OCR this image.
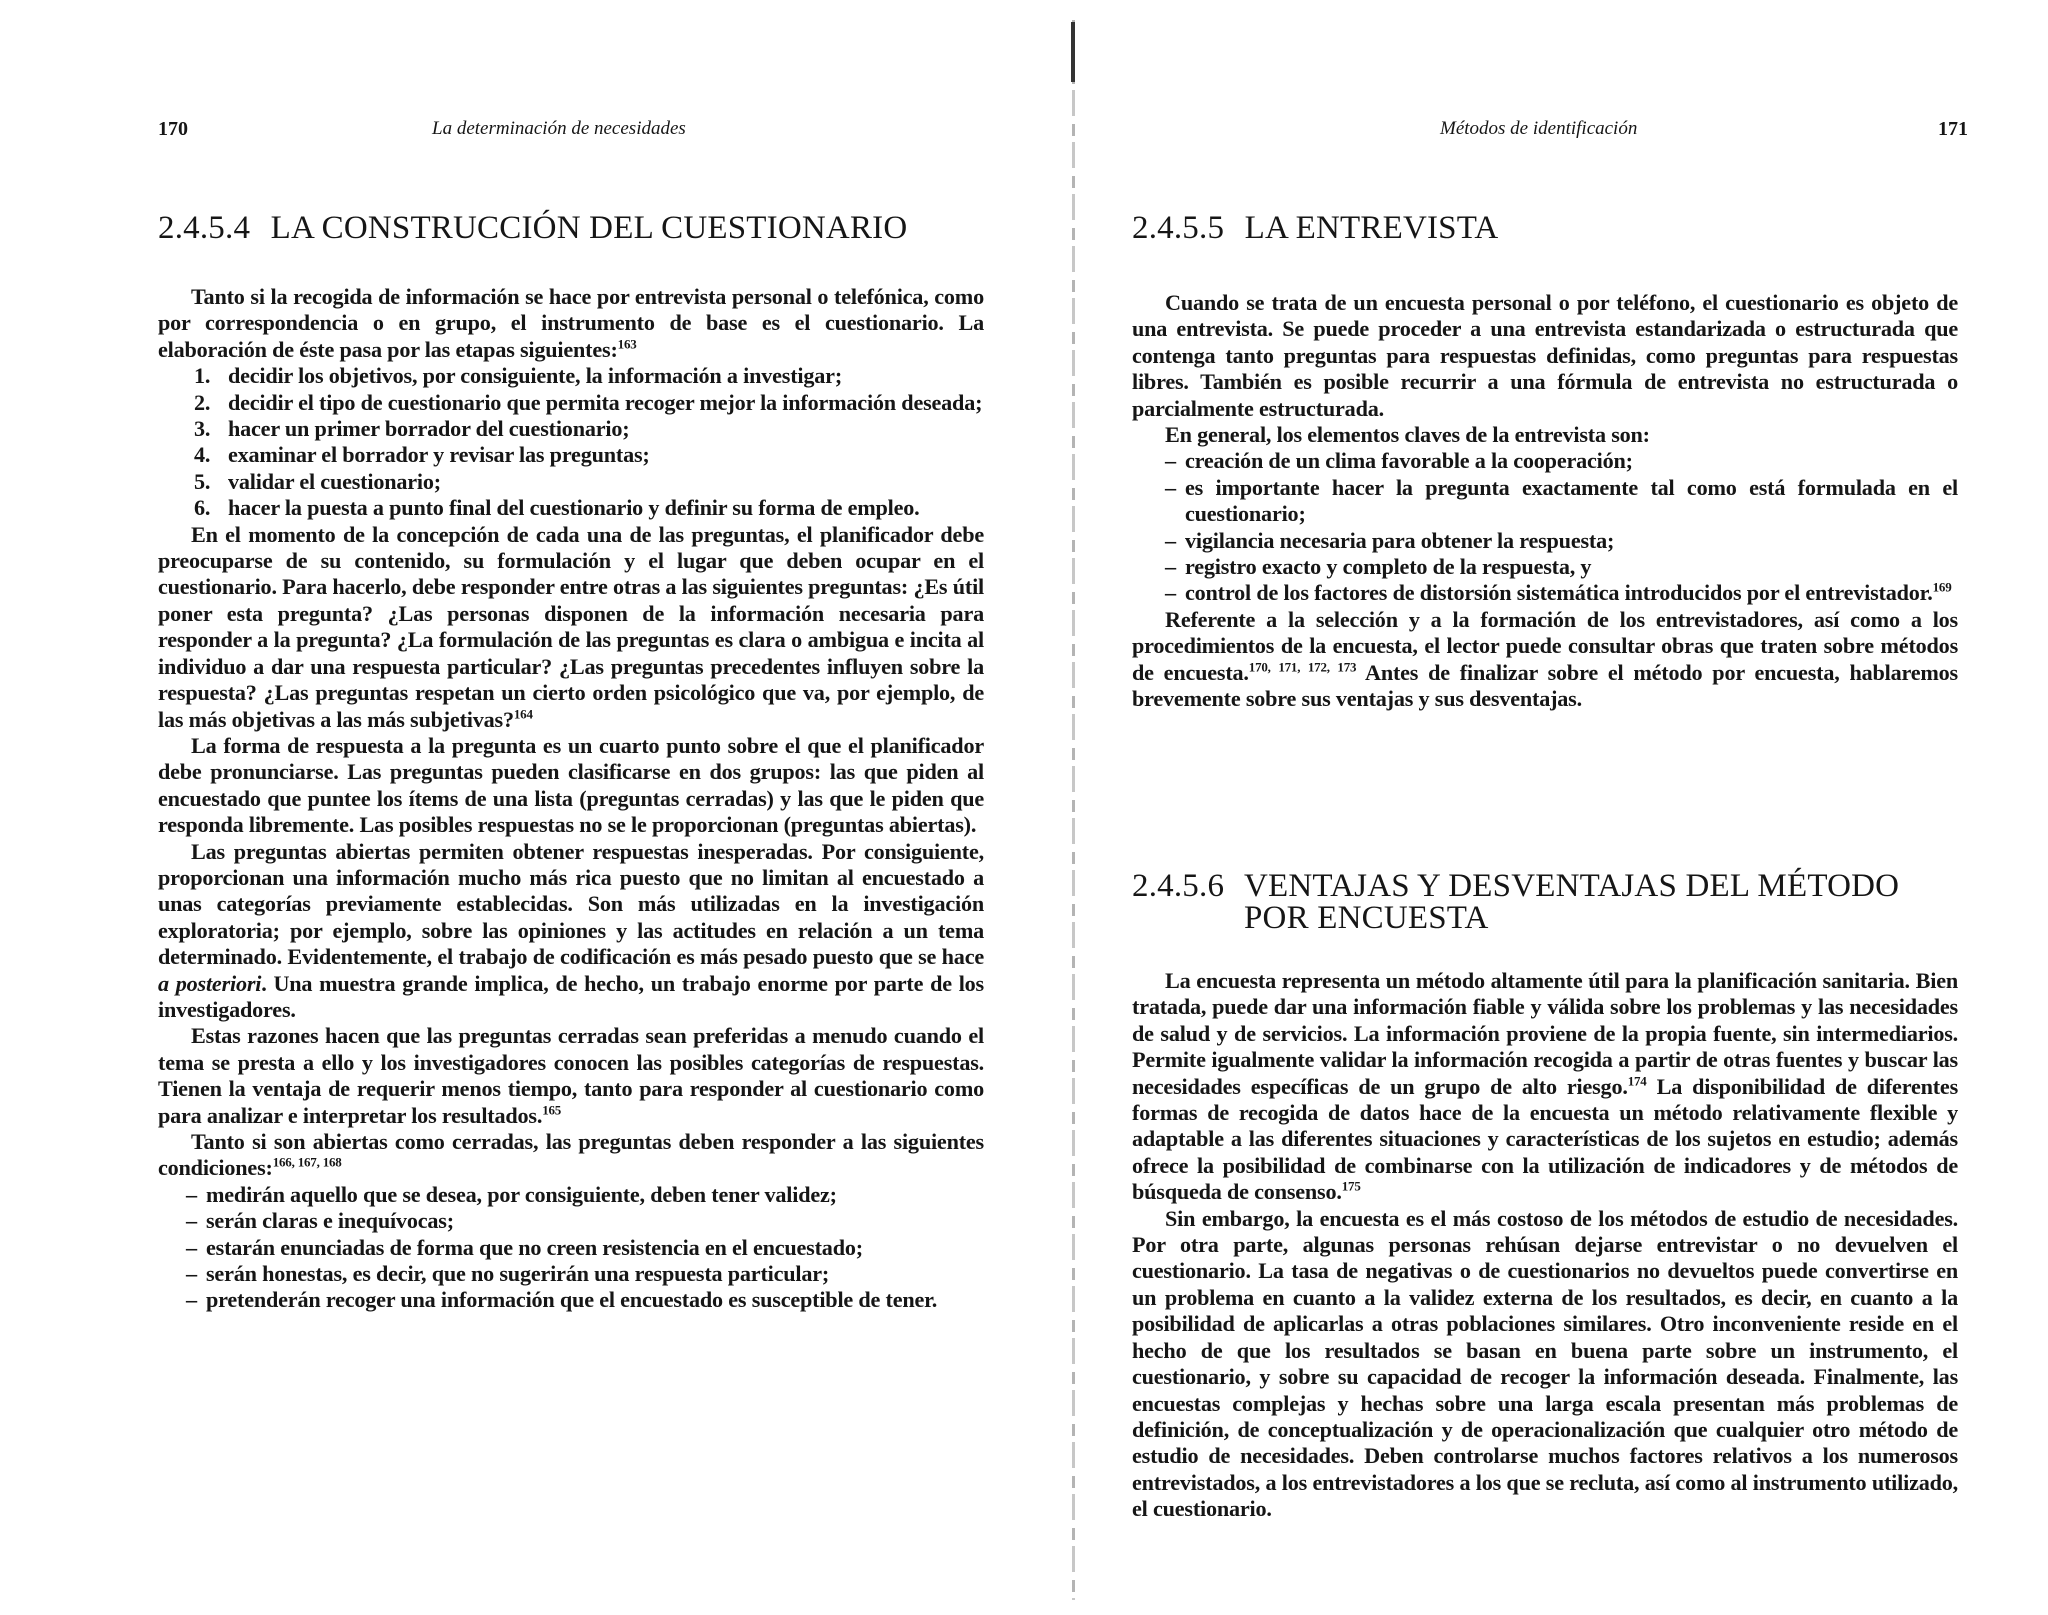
170	La determinación de necesidades
2.4.5.4 LA CONSTRUCCIÓN DEL CUESTIONARIO

Tanto si la recogida de información se hace por entrevista personal o telefónica, como por correspondencia o en grupo, el instrumento de base es el cuestionario. La elaboración de éste pasa por las etapas siguientes:$^{163}$

1. decidir los objetivos, por consiguiente, la información a investigar;
2. decidir el tipo de cuestionario que permita recoger mejor la información deseada;
3. hacer un primer borrador del cuestionario;
4. examinar el borrador y revisar las preguntas;
5. validar el cuestionario;
6. hacer la puesta a punto final del cuestionario y definir su forma de empleo.

En el momento de la concepción de cada una de las preguntas, el planificador debe preocuparse de su contenido, su formulación y el lugar que deben ocupar en el cuestionario. Para hacerlo, debe responder entre otras a las siguientes preguntas: ¿Es útil poner esta pregunta? ¿Las personas disponen de la información necesaria para responder a la pregunta? ¿La formulación de las preguntas es clara o ambigua e incita al individuo a dar una respuesta particular? ¿Las preguntas precedentes influyen sobre la respuesta? ¿Las preguntas respetan un cierto orden psicológico que va, por ejemplo, de las más objetivas a las más subjetivas?$^{164}$

La forma de respuesta a la pregunta es un cuarto punto sobre el que el planificador debe pronunciarse. Las preguntas pueden clasificarse en dos grupos: las que piden al encuestado que puntee los ítems de una lista (preguntas cerradas) y las que le piden que responda libremente. Las posibles respuestas no se le proporcionan (preguntas abiertas).

Las preguntas abiertas permiten obtener respuestas inesperadas. Por consiguiente, proporcionan una información mucho más rica puesto que no limitan al encuestado a unas categorías previamente establecidas. Son más utilizadas en la investigación exploratoria; por ejemplo, sobre las opiniones y las actitudes en relación a un tema determinado. Evidentemente, el trabajo de codificación es más pesado puesto que se hace a posteriori. Una muestra grande implica, de hecho, un trabajo enorme por parte de los investigadores.

Estas razones hacen que las preguntas cerradas sean preferidas a menudo cuando el tema se presta a ello y los investigadores conocen las posibles categorías de respuestas. Tienen la ventaja de requerir menos tiempo, tanto para responder al cuestionario como para analizar e interpretar los resultados.$^{165}$

Tanto si son abiertas como cerradas, las preguntas deben responder a las siguientes condiciones:$^{166, 167, 168}$

– medirán aquello que se desea, por consiguiente, deben tener validez;
– serán claras e inequívocas;
– estarán enunciadas de forma que no creen resistencia en el encuestado;
– serán honestas, es decir, que no sugerirán una respuesta particular;
– pretenderán recoger una información que el encuestado es susceptible de tener.
Métodos de identificación	171
2.4.5.5 LA ENTREVISTA

Cuando se trata de un encuesta personal o por teléfono, el cuestionario es objeto de una entrevista. Se puede proceder a una entrevista estandarizada o estructurada que contenga tanto preguntas para respuestas definidas, como preguntas para respuestas libres. También es posible recurrir a una fórmula de entrevista no estructurada o parcialmente estructurada.

En general, los elementos claves de la entrevista son:

– creación de un clima favorable a la cooperación;
– es importante hacer la pregunta exactamente tal como está formulada en el cuestionario;
– vigilancia necesaria para obtener la respuesta;
– registro exacto y completo de la respuesta, y
– control de los factores de distorsión sistemática introducidos por el entrevistador.$^{169}$

Referente a la selección y a la formación de los entrevistadores, así como a los procedimientos de la encuesta, el lector puede consultar obras que traten sobre métodos de encuesta.$^{170, 171, 172, 173}$ Antes de finalizar sobre el método por encuesta, hablaremos brevemente sobre sus ventajas y sus desventajas.

2.4.5.6 VENTAJAS Y DESVENTAJAS DEL MÉTODO
POR ENCUESTA

La encuesta representa un método altamente útil para la planificación sanitaria. Bien tratada, puede dar una información fiable y válida sobre los problemas y las necesidades de salud y de servicios. La información proviene de la propia fuente, sin intermediarios. Permite igualmente validar la información recogida a partir de otras fuentes y buscar las necesidades específicas de un grupo de alto riesgo.$^{174}$ La disponibilidad de diferentes formas de recogida de datos hace de la encuesta un método relativamente flexible y adaptable a las diferentes situaciones y características de los sujetos en estudio; además ofrece la posibilidad de combinarse con la utilización de indicadores y de métodos de búsqueda de consenso.$^{175}$

Sin embargo, la encuesta es el más costoso de los métodos de estudio de necesidades. Por otra parte, algunas personas rehúsan dejarse entrevistar o no devuelven el cuestionario. La tasa de negativas o de cuestionarios no devueltos puede convertirse en un problema en cuanto a la validez externa de los resultados, es decir, en cuanto a la posibilidad de aplicarlas a otras poblaciones similares. Otro inconveniente reside en el hecho de que los resultados se basan en buena parte sobre un instrumento, el cuestionario, y sobre su capacidad de recoger la información deseada. Finalmente, las encuestas complejas y hechas sobre una larga escala presentan más problemas de definición, de conceptualización y de operacionalización que cualquier otro método de estudio de necesidades. Deben controlarse muchos factores relativos a los numerosos entrevistados, a los entrevistadores a los que se recluta, así como al instrumento utilizado, el cuestionario.
